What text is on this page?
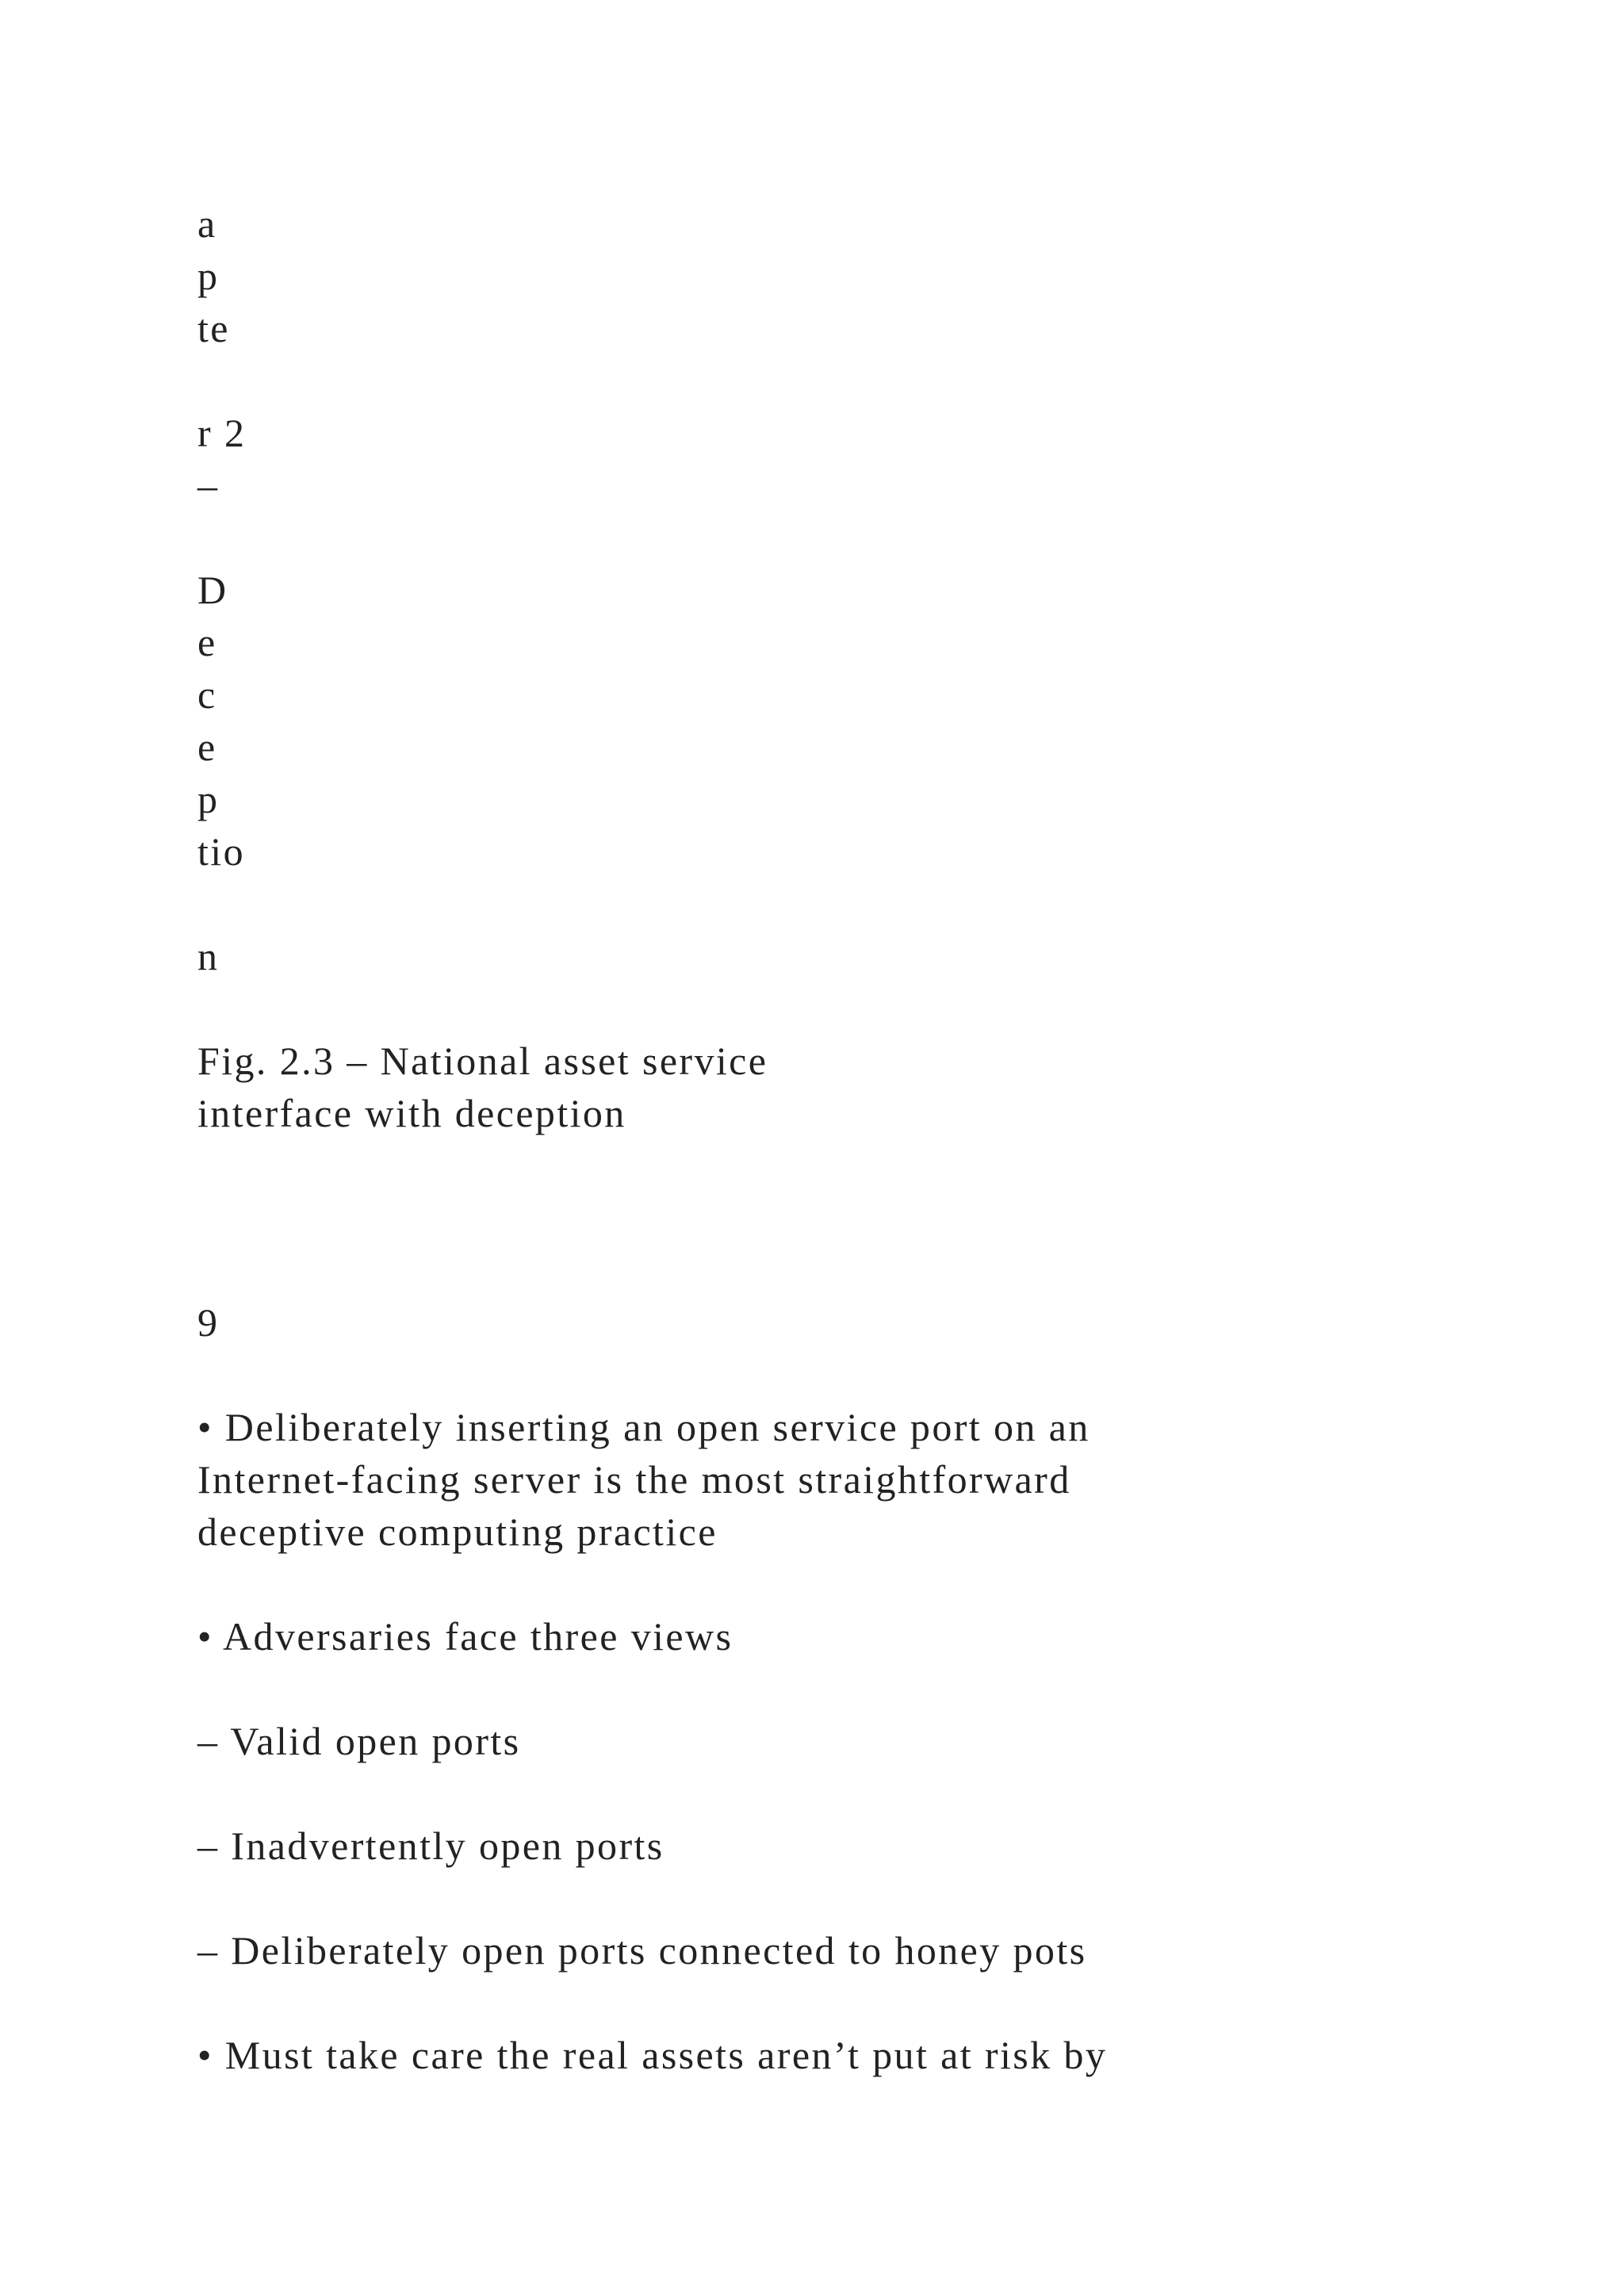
a

p

te

r 2

–

D

e

c

e

p

tio

n

Fig. 2.3 – National asset service

interface with deception

9

• Deliberately inserting an open service port on an

Internet-facing server is the most straightforward

deceptive computing practice

• Adversaries face three views

– Valid open ports

– Inadvertently open ports

– Deliberately open ports connected to honey pots

• Must take care the real assets aren’t put at risk by
